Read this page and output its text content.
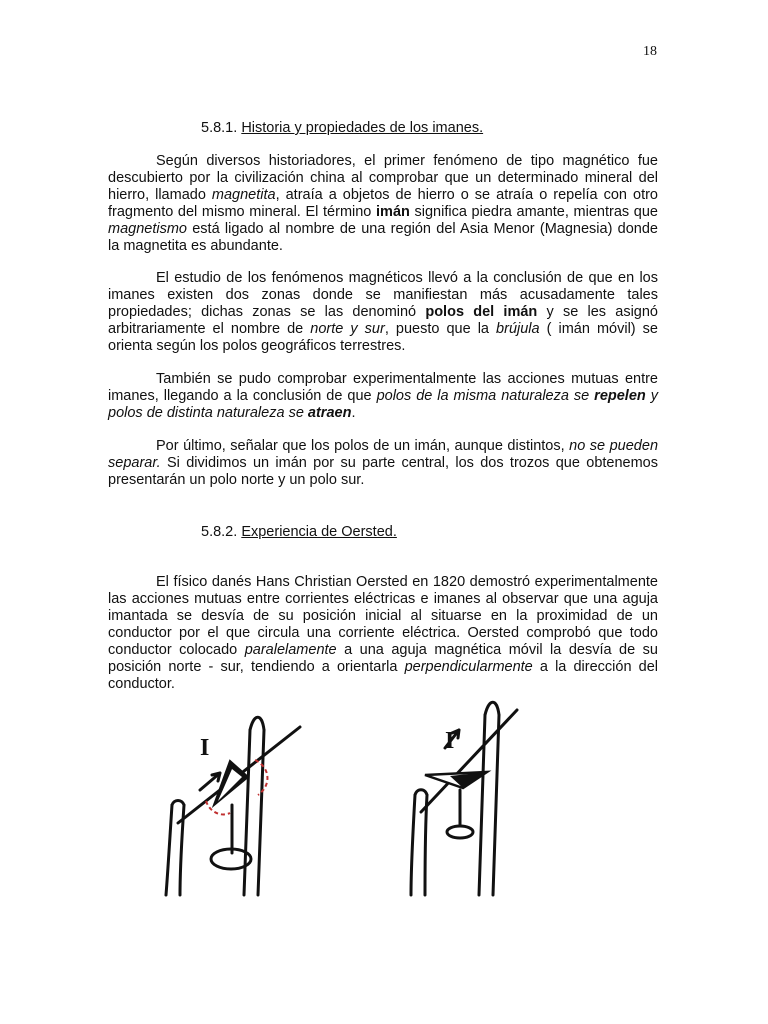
18
5.8.1. Historia y propiedades de los imanes.

Según diversos historiadores, el primer fenómeno de tipo magnético fue descubierto por la civilización china al comprobar que un determinado mineral del hierro, llamado magnetita, atraía a objetos de hierro o se atraía o repelía con otro fragmento del mismo mineral. El término imán significa piedra amante, mientras que magnetismo está ligado al nombre de una región del Asia Menor (Magnesia) donde la magnetita es abundante.

El estudio de los fenómenos magnéticos llevó a la conclusión de que en los imanes existen dos zonas donde se manifiestan más acusadamente tales propiedades; dichas zonas se las denominó polos del imán y se les asignó arbitrariamente el nombre de norte y sur, puesto que la brújula ( imán móvil) se orienta según los polos geográficos terrestres.

También se pudo comprobar experimentalmente las acciones mutuas entre imanes, llegando a la conclusión de que polos de la misma naturaleza se repelen y polos de distinta naturaleza se atraen.

Por último, señalar que los polos de un imán, aunque distintos, no se pueden separar. Si dividimos un imán por su parte central, los dos trozos que obtenemos presentarán un polo norte y un polo sur.

5.8.2. Experiencia de Oersted.

El físico danés Hans Christian Oersted en 1820 demostró experimentalmente las acciones mutuas entre corrientes eléctricas e imanes al observar que una aguja imantada se desvía de su posición inicial al situarse en la proximidad de un conductor por el que circula una corriente eléctrica. Oersted comprobó que todo conductor colocado paralelamente a una aguja magnética móvil la desvía de su posición norte - sur, tendiendo a orientarla perpendicularmente a la dirección del conductor.

I	I
